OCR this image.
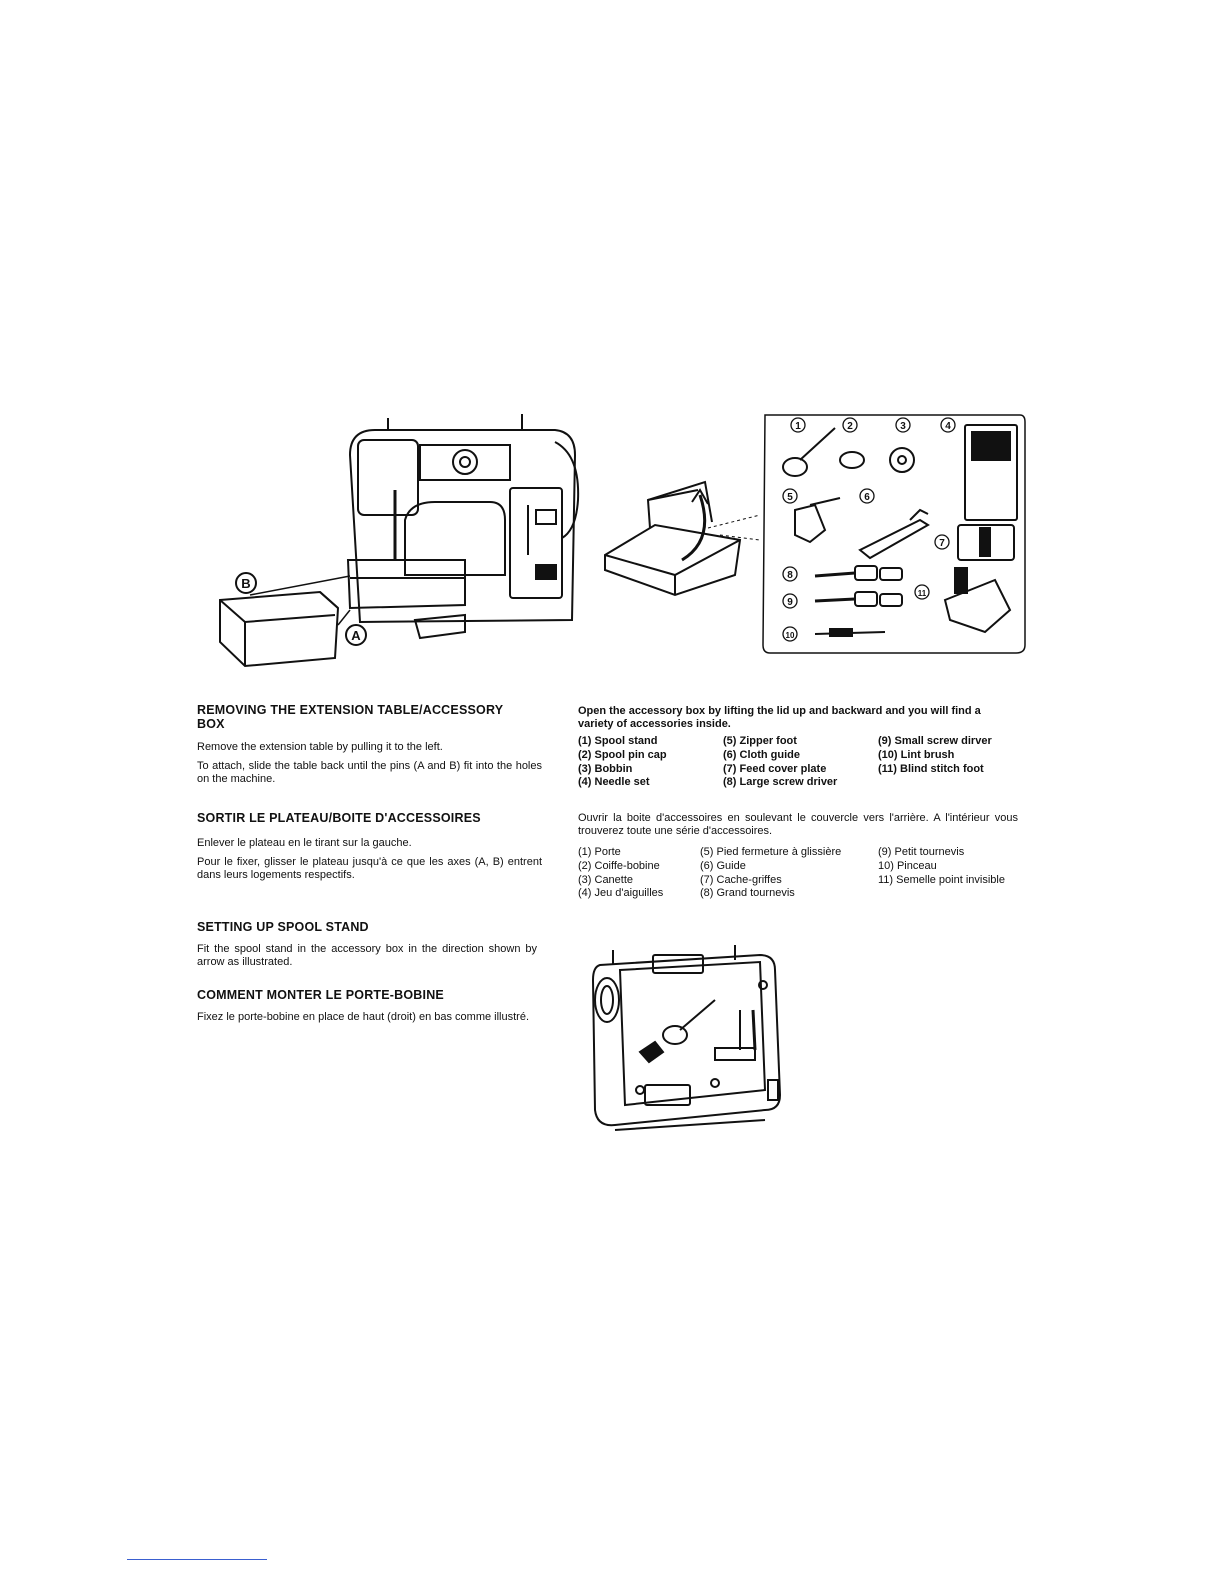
B
A
1	2	3	4
5	6
7
8
9
10
11
REMOVING THE EXTENSION TABLE/ACCESSORY BOX
Remove the extension table by pulling it to the left.
To attach, slide the table back until the pins (A and B) fit into the holes on the machine.
SORTIR LE PLATEAU/BOITE D'ACCESSOIRES
Enlever le plateau en le tirant sur la gauche.
Pour le fixer, glisser le plateau jusqu'à ce que les axes (A, B) entrent dans leurs logements respectifs.
SETTING UP SPOOL STAND
Fit the spool stand in the accessory box in the direction shown by arrow as illustrated.
COMMENT MONTER LE PORTE-BOBINE
Fixez le porte-bobine en place de haut (droit) en bas comme illustré.
Open the accessory box by lifting the lid up and backward and you will find a variety of accessories inside.
(1) Spool stand
(2) Spool pin cap
(3) Bobbin
(4) Needle set
(5) Zipper foot
(6) Cloth guide
(7) Feed cover plate
(8) Large screw driver
(9) Small screw dirver
(10) Lint brush
(11) Blind stitch foot
Ouvrir la boite d'accessoires en soulevant le couvercle vers l'arrière. A l'intérieur vous trouverez toute une série d'accessoires.
(1) Porte
(2) Coiffe-bobine
(3) Canette
(4) Jeu d'aiguilles
(5) Pied fermeture à glissière
(6) Guide
(7) Cache-griffes
(8) Grand tournevis
(9) Petit tournevis
10) Pinceau
11) Semelle point invisible
